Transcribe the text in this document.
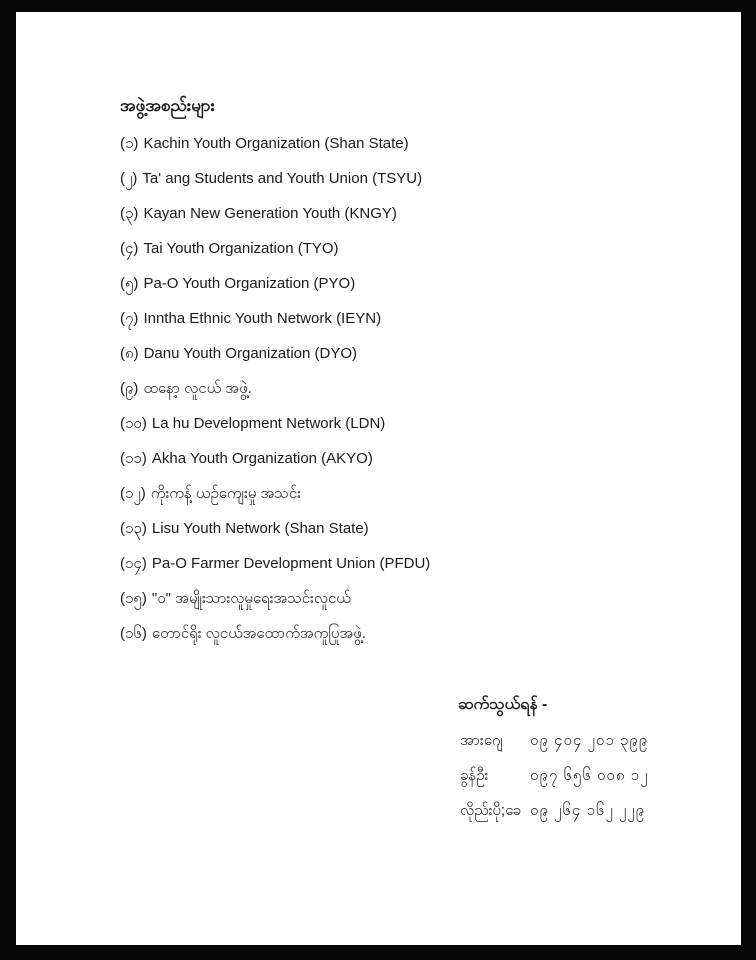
အဖွဲ့အစည်းများ
(၁) Kachin Youth Organization (Shan State)
(၂) Ta' ang Students and Youth Union (TSYU)
(၃) Kayan New Generation Youth (KNGY)
(၄) Tai Youth Organization (TYO)
(၅) Pa-O Youth Organization (PYO)
(၇) Inntha Ethnic Youth Network (IEYN)
(၈) Danu Youth Organization (DYO)
(၉) ထနော့ လူငယ် အဖွဲ့.
(၁၀) La hu Development Network (LDN)
(၁၁) Akha Youth Organization (AKYO)
(၁၂) ကိုးကန့် ယဉ်ကျေးမှု အသင်း
(၁၃) Lisu Youth Network (Shan State)
(၁၄) Pa-O Farmer Development Union (PFDU)
(၁၅) "ဝ" အမျိုးသားလူမှုရေးအသင်းလူငယ်
(၁၆) တောင်ရိုး လူငယ်အထောက်အကူပြုအဖွဲ့.
ဆက်သွယ်ရန် -
အားဂျေ	၀၉ ၄၀၄ ၂၀၁ ၃၉၉
ခွန်ဦး	၀၉၇ ၆၅၆ ၀၀၈ ၁၂
လိုည်းပို;ခေ ၀၉ ၂၆၄ ၁၆၂ ၂၂၉
